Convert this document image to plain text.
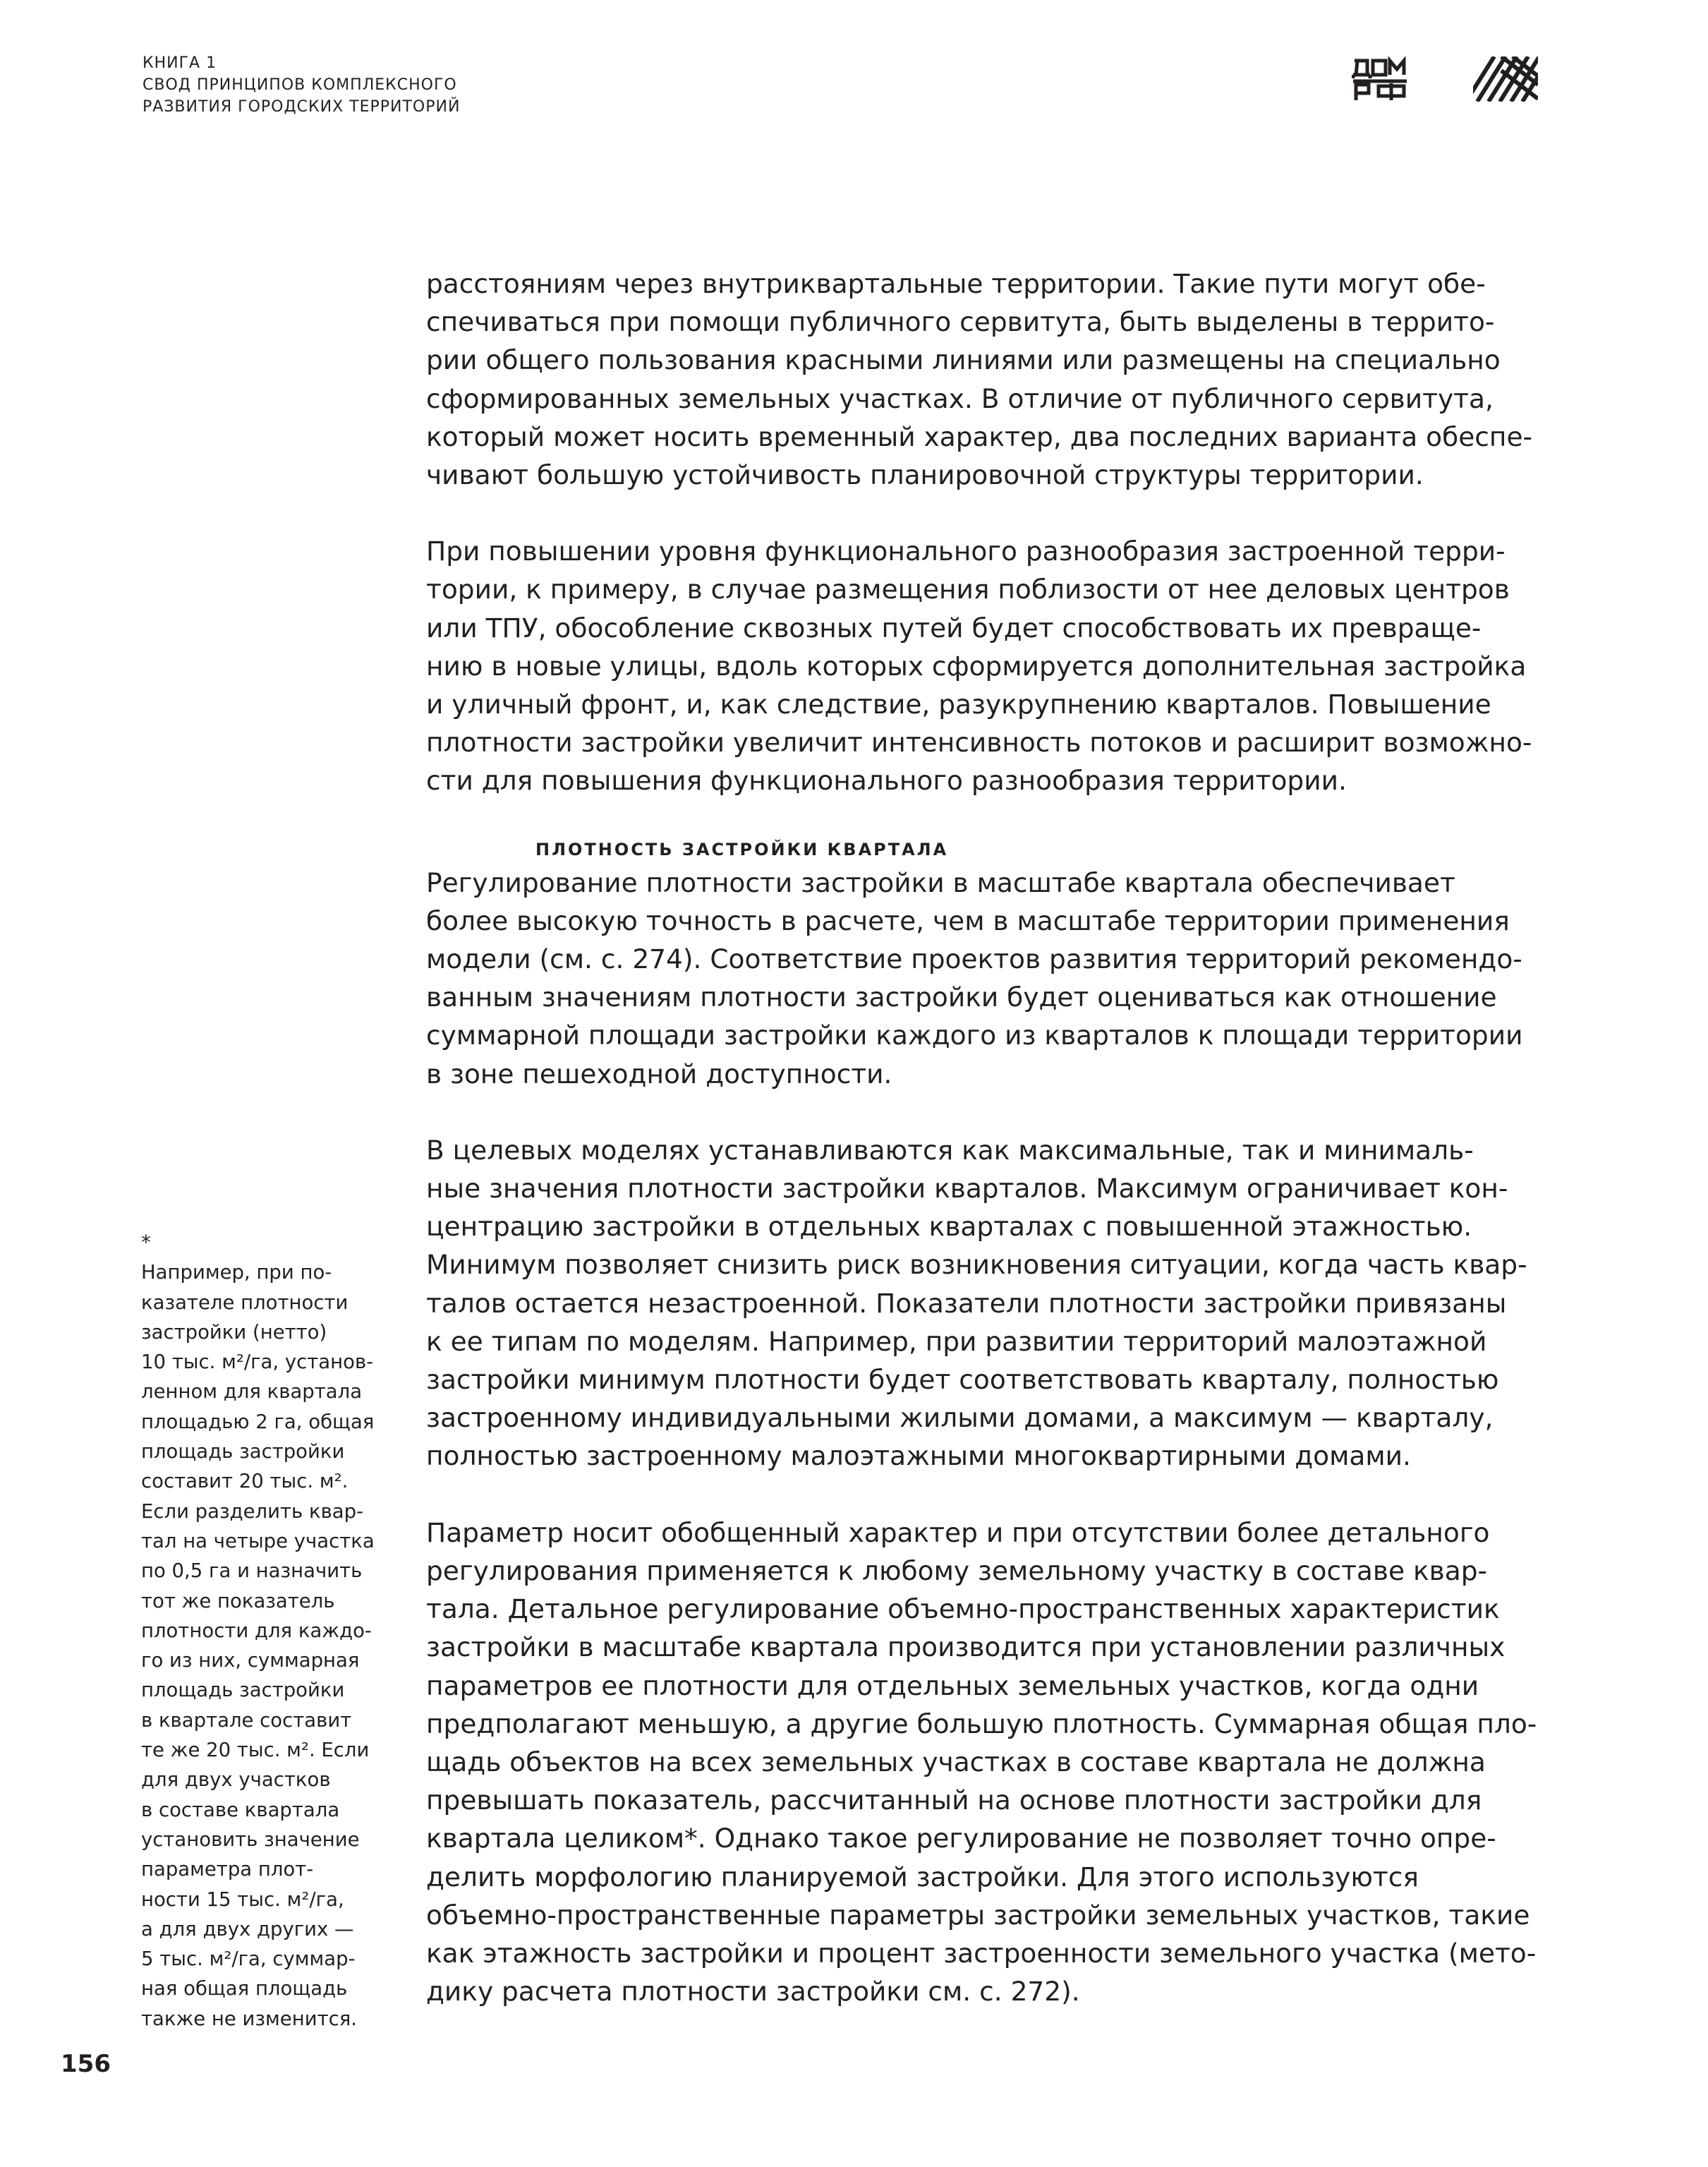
КНИГА 1
СВОД ПРИНЦИПОВ КОМПЛЕКСНОГО
РАЗВИТИЯ ГОРОДСКИХ ТЕРРИТОРИЙ
расстояниям через внутриквартальные территории. Такие пути могут обе-
спечиваться при помощи публичного сервитута, быть выделены в террито-
рии общего пользования красными линиями или размещены на специально
сформированных земельных участках. В отличие от публичного сервитута,
который может носить временный характер, два последних варианта обеспе-
чивают большую устойчивость планировочной структуры территории.
При повышении уровня функционального разнообразия застроенной терри-
тории, к примеру, в случае размещения поблизости от нее деловых центров
или ТПУ, обособление сквозных путей будет способствовать их превраще-
нию в новые улицы, вдоль которых сформируется дополнительная застройка
и уличный фронт, и, как следствие, разукрупнению кварталов. Повышение
плотности застройки увеличит интенсивность потоков и расширит возможно-
сти для повышения функционального разнообразия территории.
ПЛОТНОСТЬ ЗАСТРОЙКИ КВАРТАЛА
Регулирование плотности застройки в масштабе квартала обеспечивает
более высокую точность в расчете, чем в масштабе территории применения
модели (см. с. 274). Соответствие проектов развития территорий рекомендо-
ванным значениям плотности застройки будет оцениваться как отношение
суммарной площади застройки каждого из кварталов к площади территории
в зоне пешеходной доступности.
В целевых моделях устанавливаются как максимальные, так и минималь-
ные значения плотности застройки кварталов. Максимум ограничивает кон-
центрацию застройки в отдельных кварталах с повышенной этажностью.
Минимум позволяет снизить риск возникновения ситуации, когда часть квар-
талов остается незастроенной. Показатели плотности застройки привязаны
к ее типам по моделям. Например, при развитии территорий малоэтажной
застройки минимум плотности будет соответствовать кварталу, полностью
застроенному индивидуальными жилыми домами, а максимум — кварталу,
полностью застроенному малоэтажными многоквартирными домами.
Параметр носит обобщенный характер и при отсутствии более детального
регулирования применяется к любому земельному участку в составе квар-
тала. Детальное регулирование объемно-пространственных характеристик
застройки в масштабе квартала производится при установлении различных
параметров ее плотности для отдельных земельных участков, когда одни
предполагают меньшую, а другие большую плотность. Суммарная общая пло-
щадь объектов на всех земельных участках в составе квартала не должна
превышать показатель, рассчитанный на основе плотности застройки для
квартала целиком*. Однако такое регулирование не позволяет точно опре-
делить морфологию планируемой застройки. Для этого используются
объемно-пространственные параметры застройки земельных участков, такие
как этажность застройки и процент застроенности земельного участка (мето-
дику расчета плотности застройки см. с. 272).
*
Например, при по-
казателе плотности
застройки (нетто)
10 тыс. м²/га, установ-
ленном для квартала
площадью 2 га, общая
площадь застройки
составит 20 тыс. м².
Если разделить квар-
тал на четыре участка
по 0,5 га и назначить
тот же показатель
плотности для каждо-
го из них, суммарная
площадь застройки
в квартале составит
те же 20 тыс. м². Если
для двух участков
в составе квартала
установить значение
параметра плот-
ности 15 тыс. м²/га,
а для двух других —
5 тыс. м²/га, суммар-
ная общая площадь
также не изменится.
156
